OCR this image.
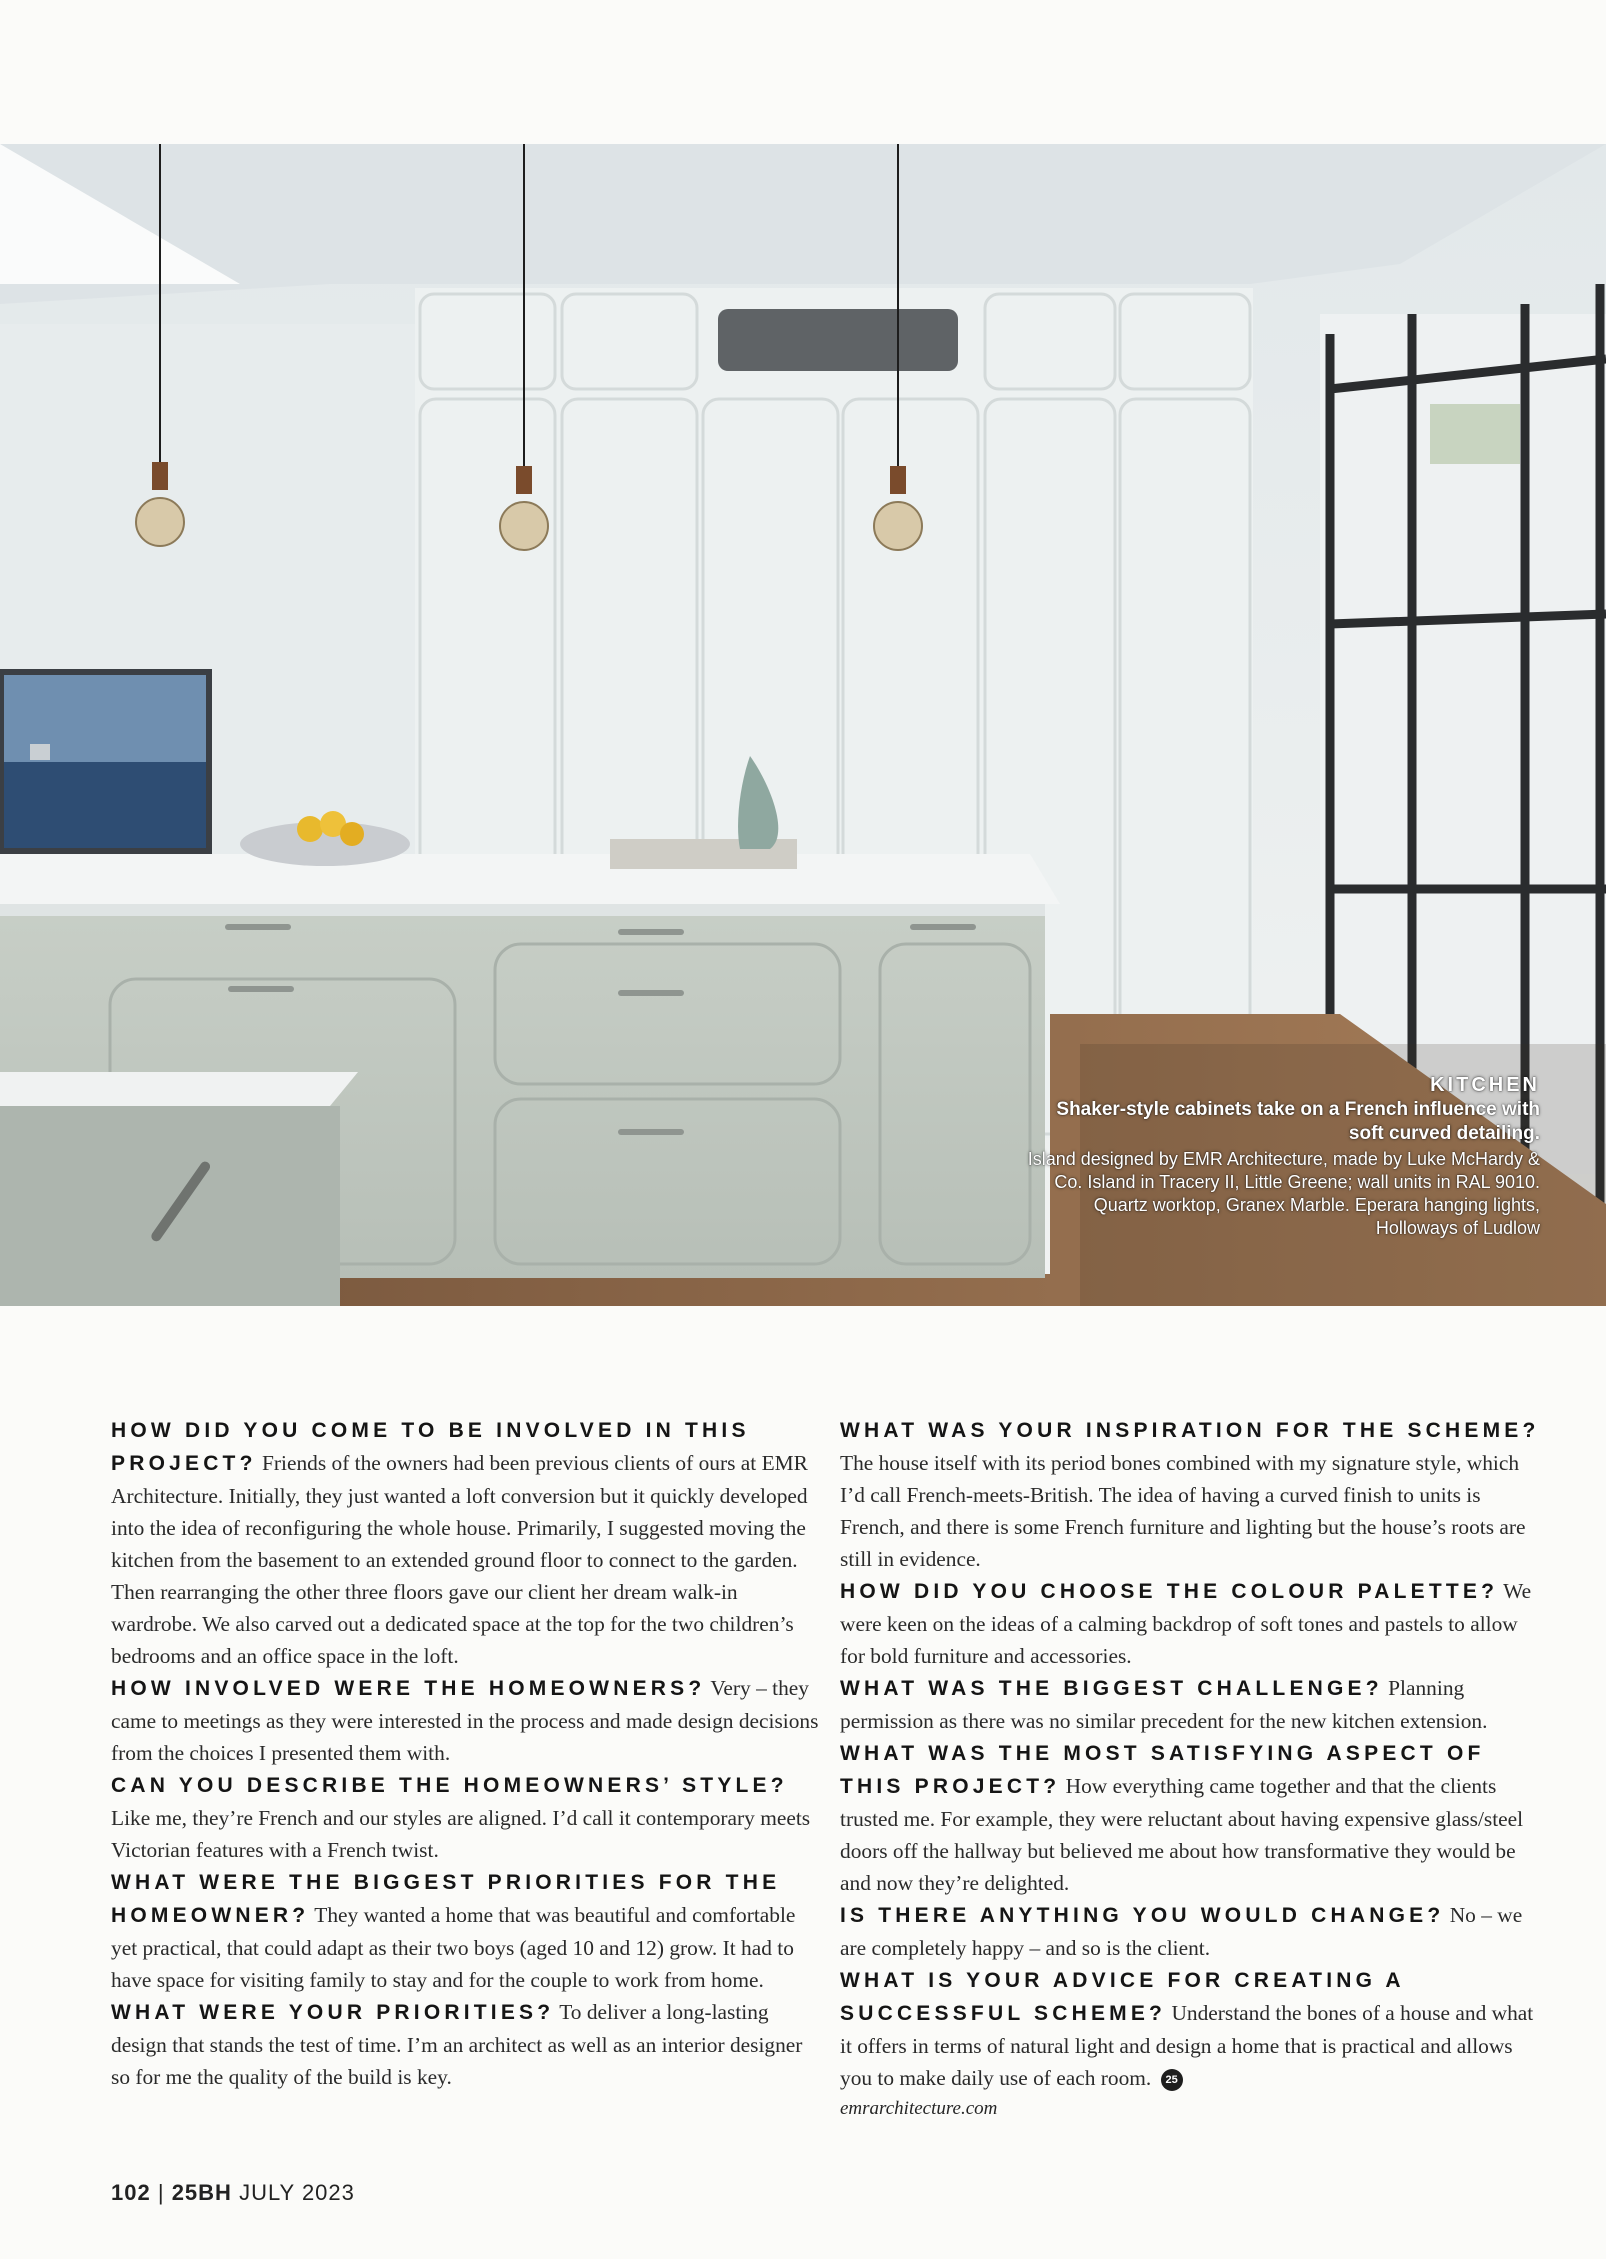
KITCHEN
Shaker-style cabinets take on a French influence with soft curved detailing.
Island designed by EMR Architecture, made by Luke McHardy & Co. Island in Tracery II, Little Greene; wall units in RAL 9010. Quartz worktop, Granex Marble. Eperara hanging lights, Holloways of Ludlow

HOW DID YOU COME TO BE INVOLVED IN THIS PROJECT? Friends of the owners had been previous clients of ours at EMR Architecture. Initially, they just wanted a loft conversion but it quickly developed into the idea of reconfiguring the whole house. Primarily, I suggested moving the kitchen from the basement to an extended ground floor to connect to the garden. Then rearranging the other three floors gave our client her dream walk-in wardrobe. We also carved out a dedicated space at the top for the two children’s bedrooms and an office space in the loft.

HOW INVOLVED WERE THE HOMEOWNERS? Very – they came to meetings as they were interested in the process and made design decisions from the choices I presented them with.

CAN YOU DESCRIBE THE HOMEOWNERS’ STYLE? Like me, they’re French and our styles are aligned. I’d call it contemporary meets Victorian features with a French twist.

WHAT WERE THE BIGGEST PRIORITIES FOR THE HOMEOWNER? They wanted a home that was beautiful and comfortable yet practical, that could adapt as their two boys (aged 10 and 12) grow. It had to have space for visiting family to stay and for the couple to work from home.

WHAT WERE YOUR PRIORITIES? To deliver a long-lasting design that stands the test of time. I’m an architect as well as an interior designer so for me the quality of the build is key.

WHAT WAS YOUR INSPIRATION FOR THE SCHEME? The house itself with its period bones combined with my signature style, which I’d call French-meets-British. The idea of having a curved finish to units is French, and there is some French furniture and lighting but the house’s roots are still in evidence.

HOW DID YOU CHOOSE THE COLOUR PALETTE? We were keen on the ideas of a calming backdrop of soft tones and pastels to allow for bold furniture and accessories.

WHAT WAS THE BIGGEST CHALLENGE? Planning permission as there was no similar precedent for the new kitchen extension.

WHAT WAS THE MOST SATISFYING ASPECT OF THIS PROJECT? How everything came together and that the clients trusted me. For example, they were reluctant about having expensive glass/steel doors off the hallway but believed me about how transformative they would be and now they’re delighted.

IS THERE ANYTHING YOU WOULD CHANGE? No – we are completely happy – and so is the client.

WHAT IS YOUR ADVICE FOR CREATING A SUCCESSFUL SCHEME? Understand the bones of a house and what it offers in terms of natural light and design a home that is practical and allows you to make daily use of each room. 25
emrarchitecture.com

102 | 25BH JULY 2023
